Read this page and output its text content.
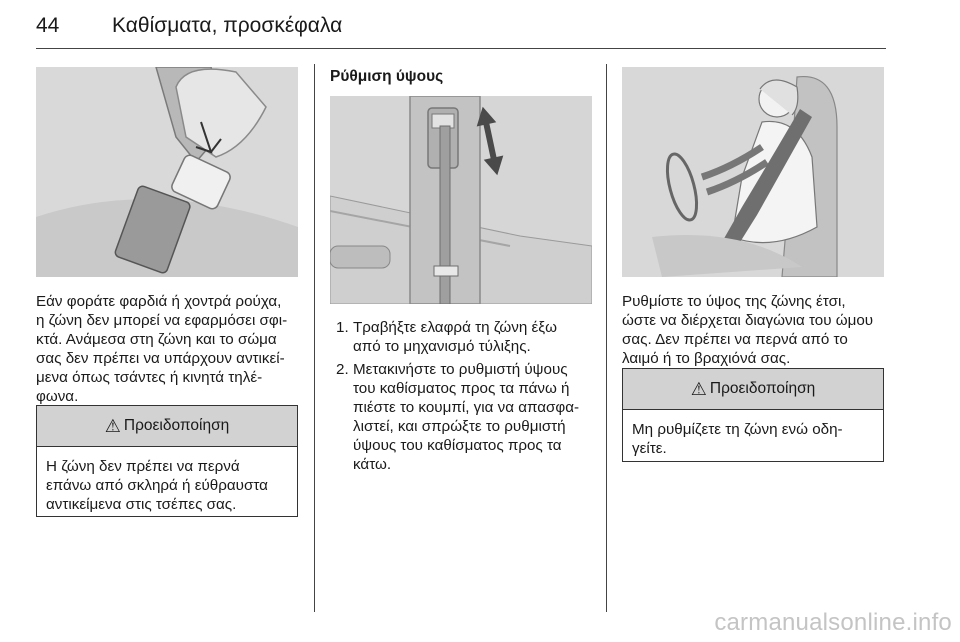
44	Καθίσματα, προσκέφαλα

Εάν φοράτε φαρδιά ή χοντρά ρούχα,

η ζώνη δεν μπορεί να εφαρμόσει σφι‐

κτά. Ανάμεσα στη ζώνη και το σώμα

σας δεν πρέπει να υπάρχουν αντικεί‐

μενα όπως τσάντες ή κινητά τηλέ‐

φωνα.

⚠ Προειδοποίηση

Η ζώνη δεν πρέπει να περνά

επάνω από σκληρά ή εύθραυστα

αντικείμενα στις τσέπες σας.

Ρύθμιση ύψους
1. Τραβήξτε ελαφρά τη ζώνη έξω
από το μηχανισμό τύλιξης.
2. Μετακινήστε το ρυθμιστή ύψους
του καθίσματος προς τα πάνω ή
πιέστε το κουμπί, για να απασφα‐
λιστεί, και σπρώξτε το ρυθμιστή
ύψους του καθίσματος προς τα
κάτω.

Ρυθμίστε το ύψος της ζώνης έτσι,

ώστε να διέρχεται διαγώνια του ώμου

σας. Δεν πρέπει να περνά από το

λαιμό ή το βραχιόνά σας.

⚠ Προειδοποίηση

Μη ρυθμίζετε τη ζώνη ενώ οδη‐

γείτε.

carmanualsonline.info
